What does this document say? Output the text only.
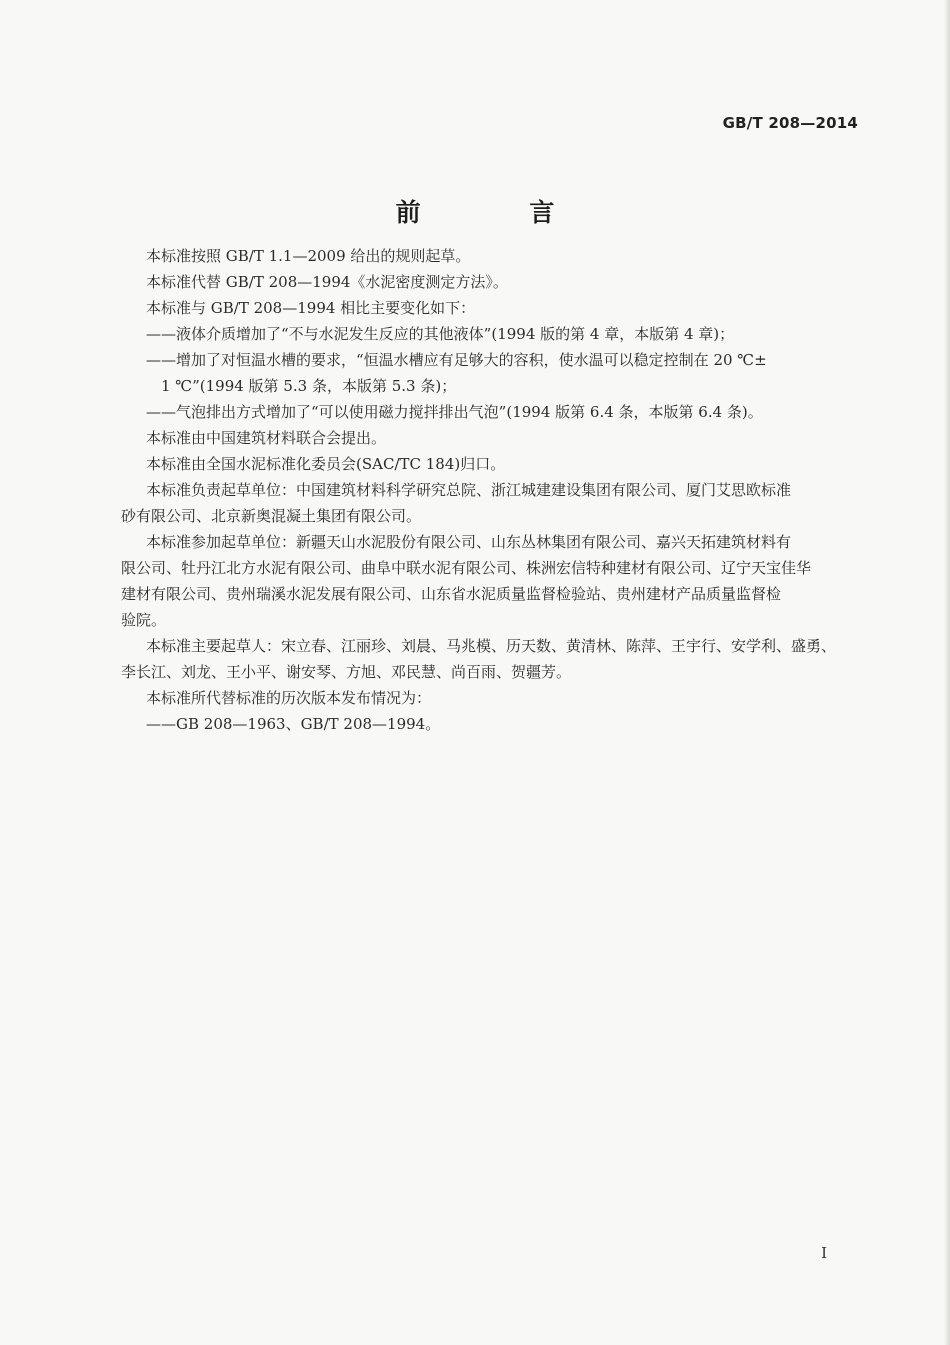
GB/T 208—2014
前 言
本标准按照 GB/T 1.1—2009 给出的规则起草。
本标准代替 GB/T 208—1994《水泥密度测定方法》。
本标准与 GB/T 208—1994 相比主要变化如下：
——液体介质增加了“不与水泥发生反应的其他液体”(1994 版的第 4 章，本版第 4 章)；
——增加了对恒温水槽的要求，“恒温水槽应有足够大的容积，使水温可以稳定控制在 20 ℃±
1 ℃”(1994 版第 5.3 条，本版第 5.3 条)；
——气泡排出方式增加了“可以使用磁力搅拌排出气泡”(1994 版第 6.4 条，本版第 6.4 条)。
本标准由中国建筑材料联合会提出。
本标准由全国水泥标准化委员会(SAC/TC 184)归口。
本标准负责起草单位：中国建筑材料科学研究总院、浙江城建建设集团有限公司、厦门艾思欧标准
砂有限公司、北京新奥混凝土集团有限公司。
本标准参加起草单位：新疆天山水泥股份有限公司、山东丛林集团有限公司、嘉兴天拓建筑材料有
限公司、牡丹江北方水泥有限公司、曲阜中联水泥有限公司、株洲宏信特种建材有限公司、辽宁天宝佳华
建材有限公司、贵州瑞溪水泥发展有限公司、山东省水泥质量监督检验站、贵州建材产品质量监督检
验院。
本标准主要起草人：宋立春、江丽珍、刘晨、马兆模、历天数、黄清林、陈萍、王宇行、安学利、盛勇、
李长江、刘龙、王小平、谢安琴、方旭、邓民慧、尚百雨、贺疆芳。
本标准所代替标准的历次版本发布情况为：
——GB 208—1963、GB/T 208—1994。
I
